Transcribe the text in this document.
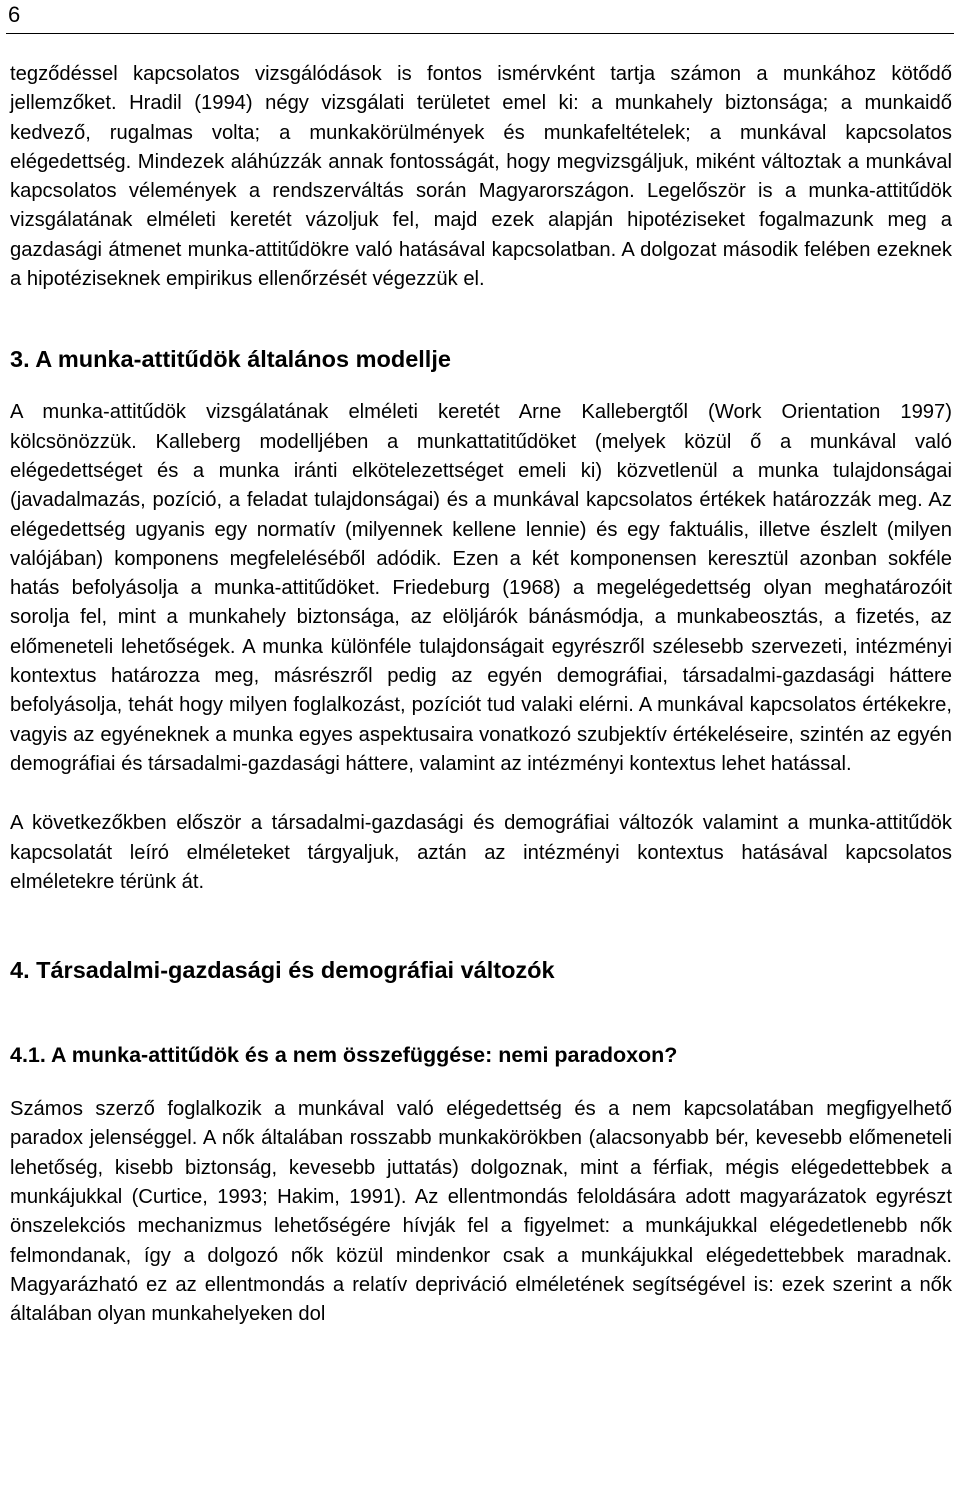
6

tegződéssel kapcsolatos vizsgálódások is fontos ismérvként tartja számon a munkához kötődő jellemzőket. Hradil (1994) négy vizsgálati területet emel ki: a munkahely biztonsága; a munkaidő kedvező, rugalmas volta; a munkakörülmények és munkafeltételek; a munkával kapcsolatos elégedettség. Mindezek aláhúzzák annak fontosságát, hogy megvizsgáljuk, miként változtak a munkával kapcsolatos vélemények a rendszerváltás során Magyarországon. Legelőször is a munka-attitűdök vizsgálatának elméleti keretét vázoljuk fel, majd ezek alapján hipotéziseket fogalmazunk meg a gazdasági átmenet munka-attitűdökre való hatásával kapcsolatban. A dolgozat második felében ezeknek a hipotéziseknek empirikus ellenőrzését végezzük el.

3. A munka-attitűdök általános modellje

A munka-attitűdök vizsgálatának elméleti keretét Arne Kallebergtől (Work Orientation 1997) kölcsönözzük. Kalleberg modelljében a munkattatitűdöket (melyek közül ő a munkával való elégedettséget és a munka iránti elkötelezettséget emeli ki) közvetlenül a munka tulajdonságai (javadalmazás, pozíció, a feladat tulajdonságai) és a munkával kapcsolatos értékek határozzák meg. Az elégedettség ugyanis egy normatív (milyennek kellene lennie) és egy faktuális, illetve észlelt (milyen valójában) komponens megfeleléséből adódik. Ezen a két komponensen keresztül azonban sokféle hatás befolyásolja a munka-attitűdöket. Friedeburg (1968) a megelégedettség olyan meghatározóit sorolja fel, mint a munkahely biztonsága, az elöljárók bánásmódja, a munkabeosztás, a fizetés, az előmeneteli lehetőségek. A munka különféle tulajdonságait egyrészről szélesebb szervezeti, intézményi kontextus határozza meg, másrészről pedig az egyén demográfiai, társadalmi-gazdasági háttere befolyásolja, tehát hogy milyen foglalkozást, pozíciót tud valaki elérni. A munkával kapcsolatos értékekre, vagyis az egyéneknek a munka egyes aspektusaira vonatkozó szubjektív értékeléseire, szintén az egyén demográfiai és társadalmi-gazdasági háttere, valamint az intézményi kontextus lehet hatással.

A következőkben először a társadalmi-gazdasági és demográfiai változók valamint a munka-attitűdök kapcsolatát leíró elméleteket tárgyaljuk, aztán az intézményi kontextus hatásával kapcsolatos elméletekre térünk át.

4. Társadalmi-gazdasági és demográfiai változók
4.1. A munka-attitűdök és a nem összefüggése: nemi paradoxon?

Számos szerző foglalkozik a munkával való elégedettség és a nem kapcsolatában megfigyelhető paradox jelenséggel. A nők általában rosszabb munkakörökben (alacsonyabb bér, kevesebb előmeneteli lehetőség, kisebb biztonság, kevesebb juttatás) dolgoznak, mint a férfiak, mégis elégedettebbek a munkájukkal (Curtice, 1993; Hakim, 1991). Az ellentmondás feloldására adott magyarázatok egyrészt önszelekciós mechanizmus lehetőségére hívják fel a figyelmet: a munkájukkal elégedetlenebb nők felmondanak, így a dolgozó nők közül mindenkor csak a munkájukkal elégedettebbek maradnak. Magyarázható ez az ellentmondás a relatív depriváció elméletének segítségével is: ezek szerint a nők általában olyan munkahelyeken dol
